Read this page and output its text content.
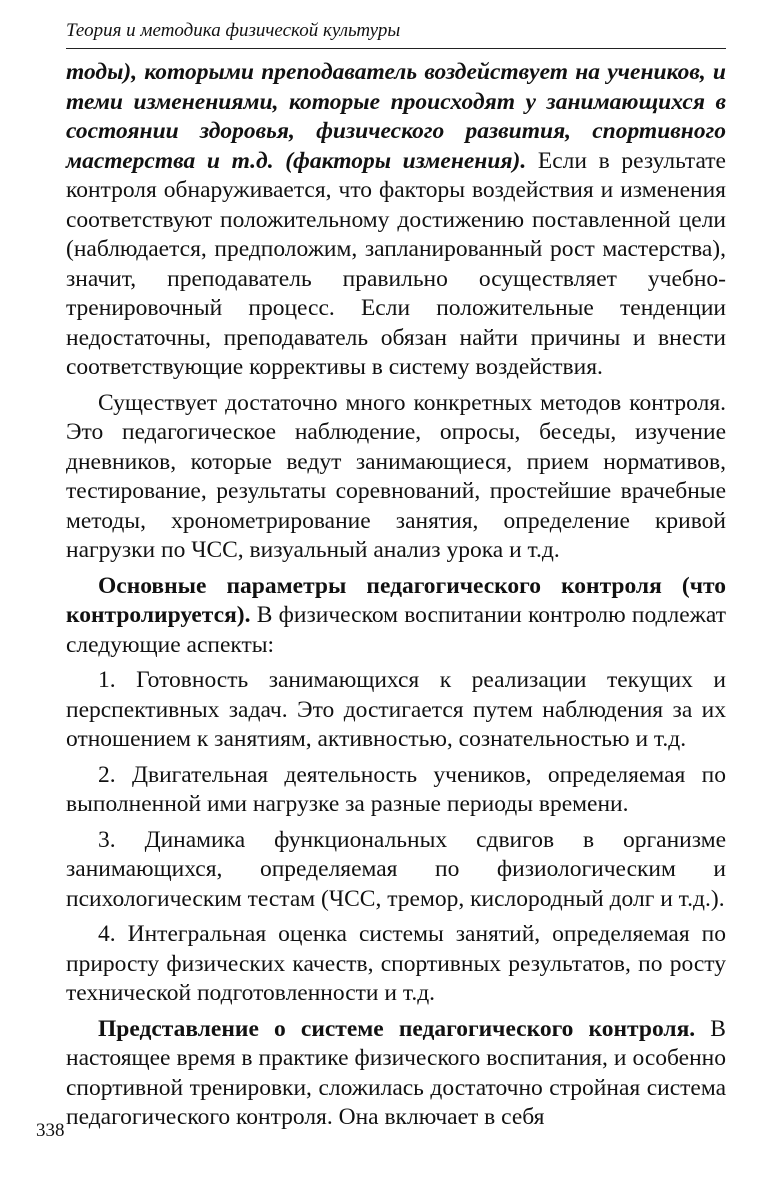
Теория и методика физической культуры

тоды), которыми преподаватель воздействует на учеников, и теми изменениями, которые происходят у занимающихся в состоянии здоровья, физического развития, спортивного мастерства и т.д. (факторы изменения). Если в результате контроля обнаруживается, что факторы воздействия и изменения соответствуют положительному достижению поставленной цели (наблюдается, предположим, запланированный рост мастерства), значит, преподаватель правильно осуществляет учебно-тренировочный процесс. Если положительные тенденции недостаточны, преподаватель обязан найти причины и внести соответствующие коррективы в систему воздействия.

Существует достаточно много конкретных методов контроля. Это педагогическое наблюдение, опросы, беседы, изучение дневников, которые ведут занимающиеся, прием нормативов, тестирование, результаты соревнований, простейшие врачебные методы, хронометрирование занятия, определение кривой нагрузки по ЧСС, визуальный анализ урока и т.д.

Основные параметры педагогического контроля (что контролируется). В физическом воспитании контролю подлежат следующие аспекты:

1. Готовность занимающихся к реализации текущих и перспективных задач. Это достигается путем наблюдения за их отношением к занятиям, активностью, сознательностью и т.д.

2. Двигательная деятельность учеников, определяемая по выполненной ими нагрузке за разные периоды времени.

3. Динамика функциональных сдвигов в организме занимающихся, определяемая по физиологическим и психологическим тестам (ЧСС, тремор, кислородный долг и т.д.).

4. Интегральная оценка системы занятий, определяемая по приросту физических качеств, спортивных результатов, по росту технической подготовленности и т.д.

Представление о системе педагогического контроля. В настоящее время в практике физического воспитания, и особенно спортивной тренировки, сложилась достаточно стройная система педагогического контроля. Она включает в себя

338
